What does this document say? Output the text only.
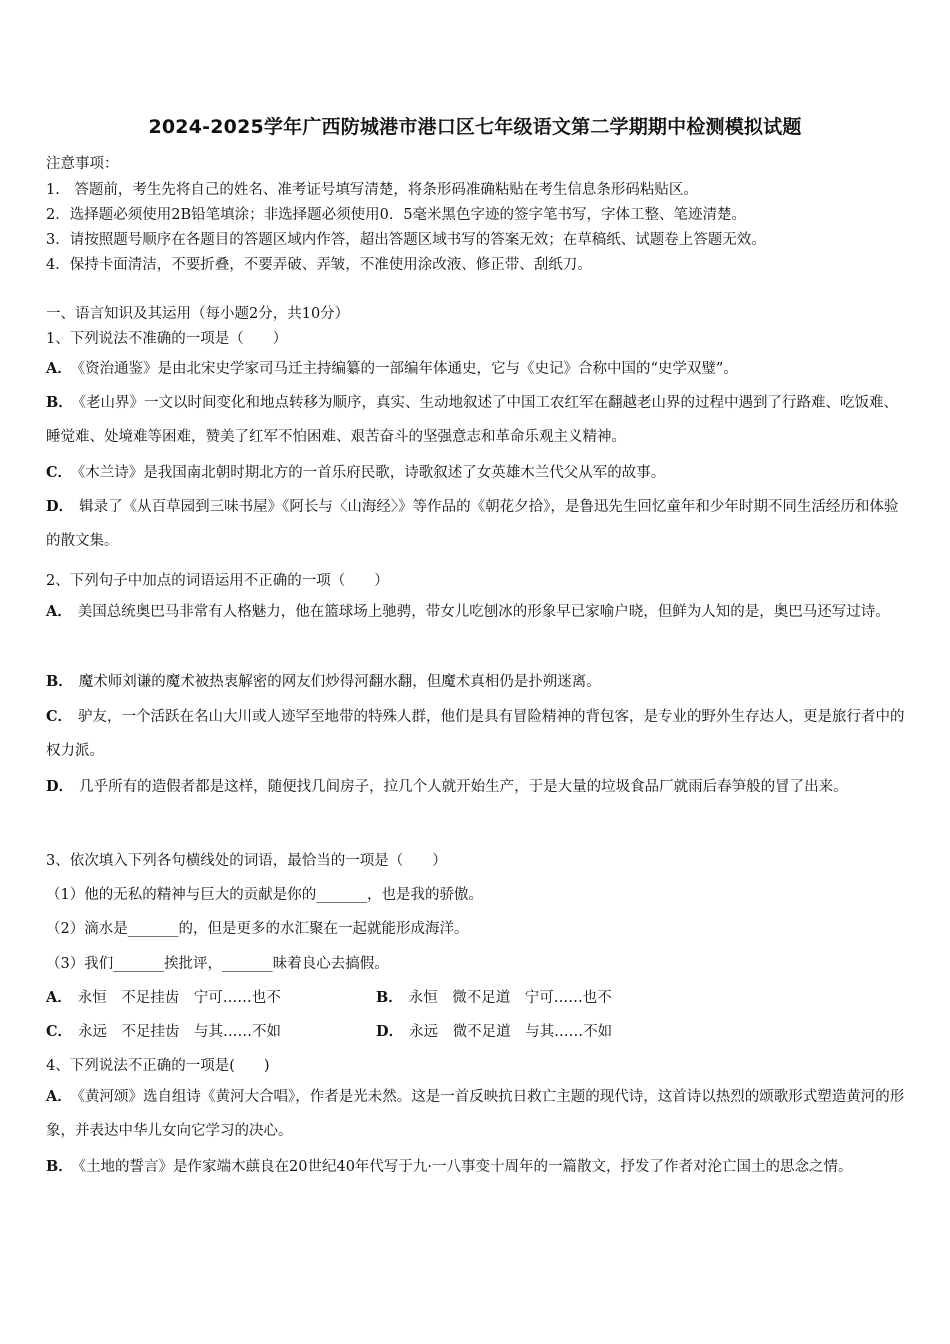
2024-2025学年广西防城港市港口区七年级语文第二学期期中检测模拟试题
注意事项：
1.　答题前，考生先将自己的姓名、准考证号填写清楚，将条形码准确粘贴在考生信息条形码粘贴区。
2．选择题必须使用2B铅笔填涂；非选择题必须使用0．5毫米黑色字迹的签字笔书写，字体工整、笔迹清楚。
3．请按照题号顺序在各题目的答题区域内作答，超出答题区域书写的答案无效；在草稿纸、试题卷上答题无效。
4．保持卡面清洁，不要折叠，不要弄破、弄皱，不准使用涂改液、修正带、刮纸刀。
一、语言知识及其运用（每小题2分，共10分）
1、下列说法不准确的一项是（　　）
A． 《资治通鉴》是由北宋史学家司马迁主持编纂的一部编年体通史，它与《史记》合称中国的“史学双璧”。
B． 《老山界》一文以时间变化和地点转移为顺序，真实、生动地叙述了中国工农红军在翻越老山界的过程中遇到了行路难、吃饭难、睡觉难、处境难等困难，赞美了红军不怕困难、艰苦奋斗的坚强意志和革命乐观主义精神。
C． 《木兰诗》是我国南北朝时期北方的一首乐府民歌，诗歌叙述了女英雄木兰代父从军的故事。
D． 辑录了《从百草园到三味书屋》《阿长与〈山海经〉》等作品的《朝花夕拾》，是鲁迅先生回忆童年和少年时期不同生活经历和体验的散文集。
2、下列句子中加点的词语运用不正确的一项（　　）
A． 美国总统奥巴马非常有人格魅力，他在篮球场上驰骋，带女儿吃刨冰的形象早已家喻户晓，但鲜为人知的是，奥巴马还写过诗。
B． 魔术师刘谦的魔术被热衷解密的网友们炒得河翻水翻，但魔术真相仍是扑朔迷离。
C． 驴友，一个活跃在名山大川或人迹罕至地带的特殊人群，他们是具有冒险精神的背包客，是专业的野外生存达人，更是旅行者中的权力派。
D． 几乎所有的造假者都是这样，随便找几间房子，拉几个人就开始生产，于是大量的垃圾食品厂就雨后春笋般的冒了出来。
3、依次填入下列各句横线处的词语，最恰当的一项是（　　）
（1）他的无私的精神与巨大的贡献是你的_______，也是我的骄傲。
（2）滴水是_______的，但是更多的水汇聚在一起就能形成海洋。
（3）我们_______挨批评，_______昧着良心去搞假。
A． 永恒　不足挂齿　宁可……也不	B． 永恒　微不足道　宁可……也不
C． 永远　不足挂齿　与其……不如	D． 永远　微不足道　与其……不如
4、下列说法不正确的一项是(　　)
A． 《黄河颂》选自组诗《黄河大合唱》，作者是光未然。这是一首反映抗日救亡主题的现代诗，这首诗以热烈的颂歌形式塑造黄河的形象，并表达中华儿女向它学习的决心。
B． 《土地的誓言》是作家端木蕻良在20世纪40年代写于九·一八事变十周年的一篇散文，抒发了作者对沦亡国土的思念之情。
